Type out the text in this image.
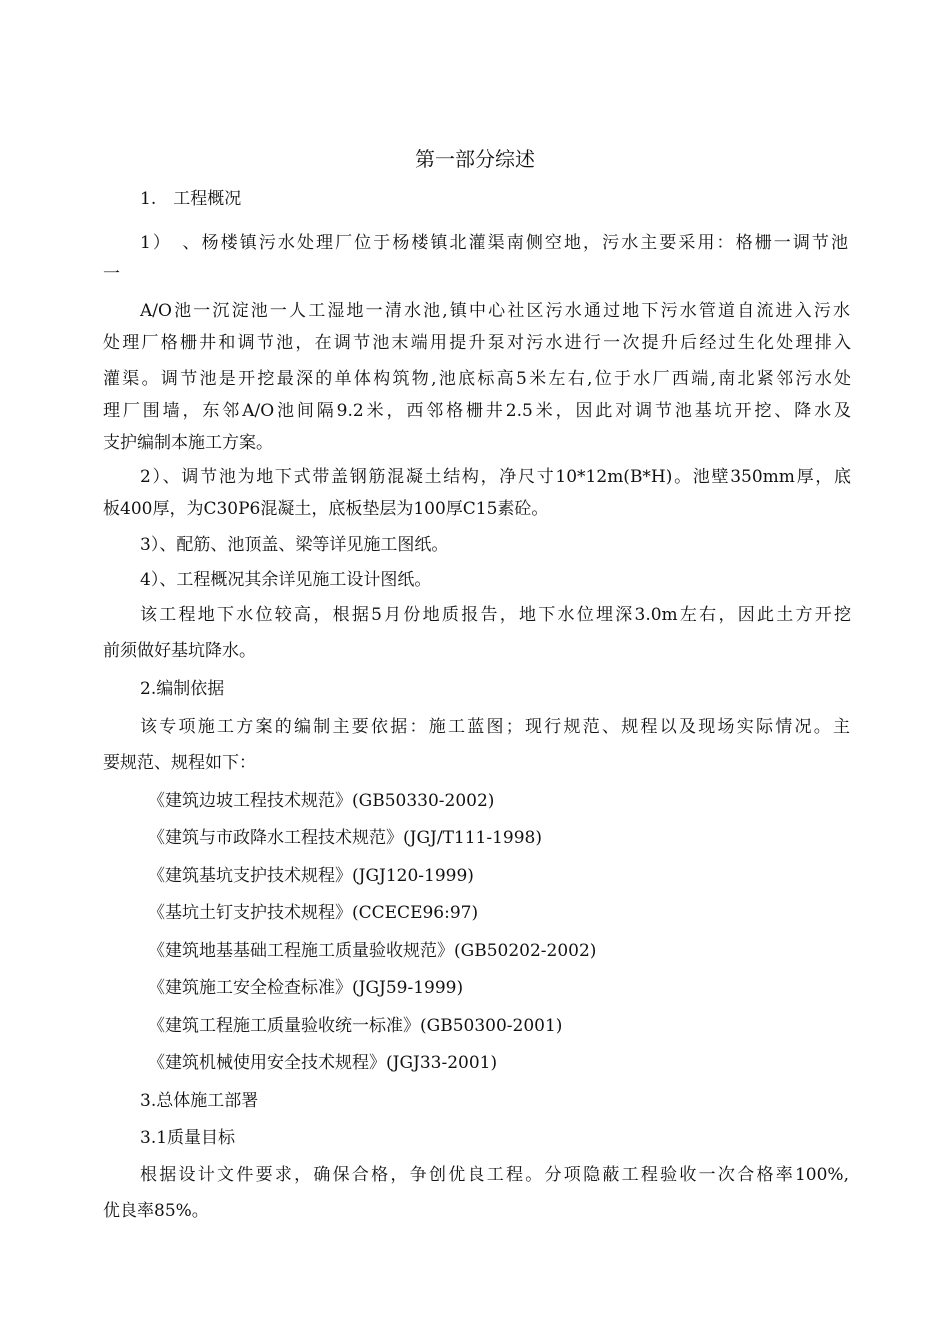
第一部分综述
1.　工程概况
1）　、杨楼镇污水处理厂位于杨楼镇北灌渠南侧空地，污水主要采用：格栅一调节池
一
A/O池一沉淀池一人工湿地一清水池,镇中心社区污水通过地下污水管道自流进入污水
处理厂格栅井和调节池，在调节池末端用提升泵对污水进行一次提升后经过生化处理排入
灌渠。调节池是开挖最深的单体构筑物,池底标高5米左右,位于水厂西端,南北紧邻污水处
理厂围墙，东邻A/O池间隔9.2米，西邻格栅井2.5米，因此对调节池基坑开挖、降水及
支护编制本施工方案。
2）、调节池为地下式带盖钢筋混凝土结构，净尺寸10*12m(B*H)。池壁350mm厚，底
板400厚，为C30P6混凝土，底板垫层为100厚C15素砼。
3）、配筋、池顶盖、梁等详见施工图纸。
4）、工程概况其余详见施工设计图纸。
该工程地下水位较高，根据5月份地质报告，地下水位埋深3.0m左右，因此土方开挖
前须做好基坑降水。
2.编制依据
该专项施工方案的编制主要依据：施工蓝图；现行规范、规程以及现场实际情况。主
要规范、规程如下：
《建筑边坡工程技术规范》(GB50330-2002)
《建筑与市政降水工程技术规范》(JGJ/T111-1998)
《建筑基坑支护技术规程》(JGJ120-1999)
《基坑土钉支护技术规程》(CCECE96:97)
《建筑地基基础工程施工质量验收规范》(GB50202-2002)
《建筑施工安全检查标准》(JGJ59-1999)
《建筑工程施工质量验收统一标准》(GB50300-2001)
《建筑机械使用安全技术规程》(JGJ33-2001)
3.总体施工部署
3.1质量目标
根据设计文件要求，确保合格，争创优良工程。分项隐蔽工程验收一次合格率100%,
优良率85%。
